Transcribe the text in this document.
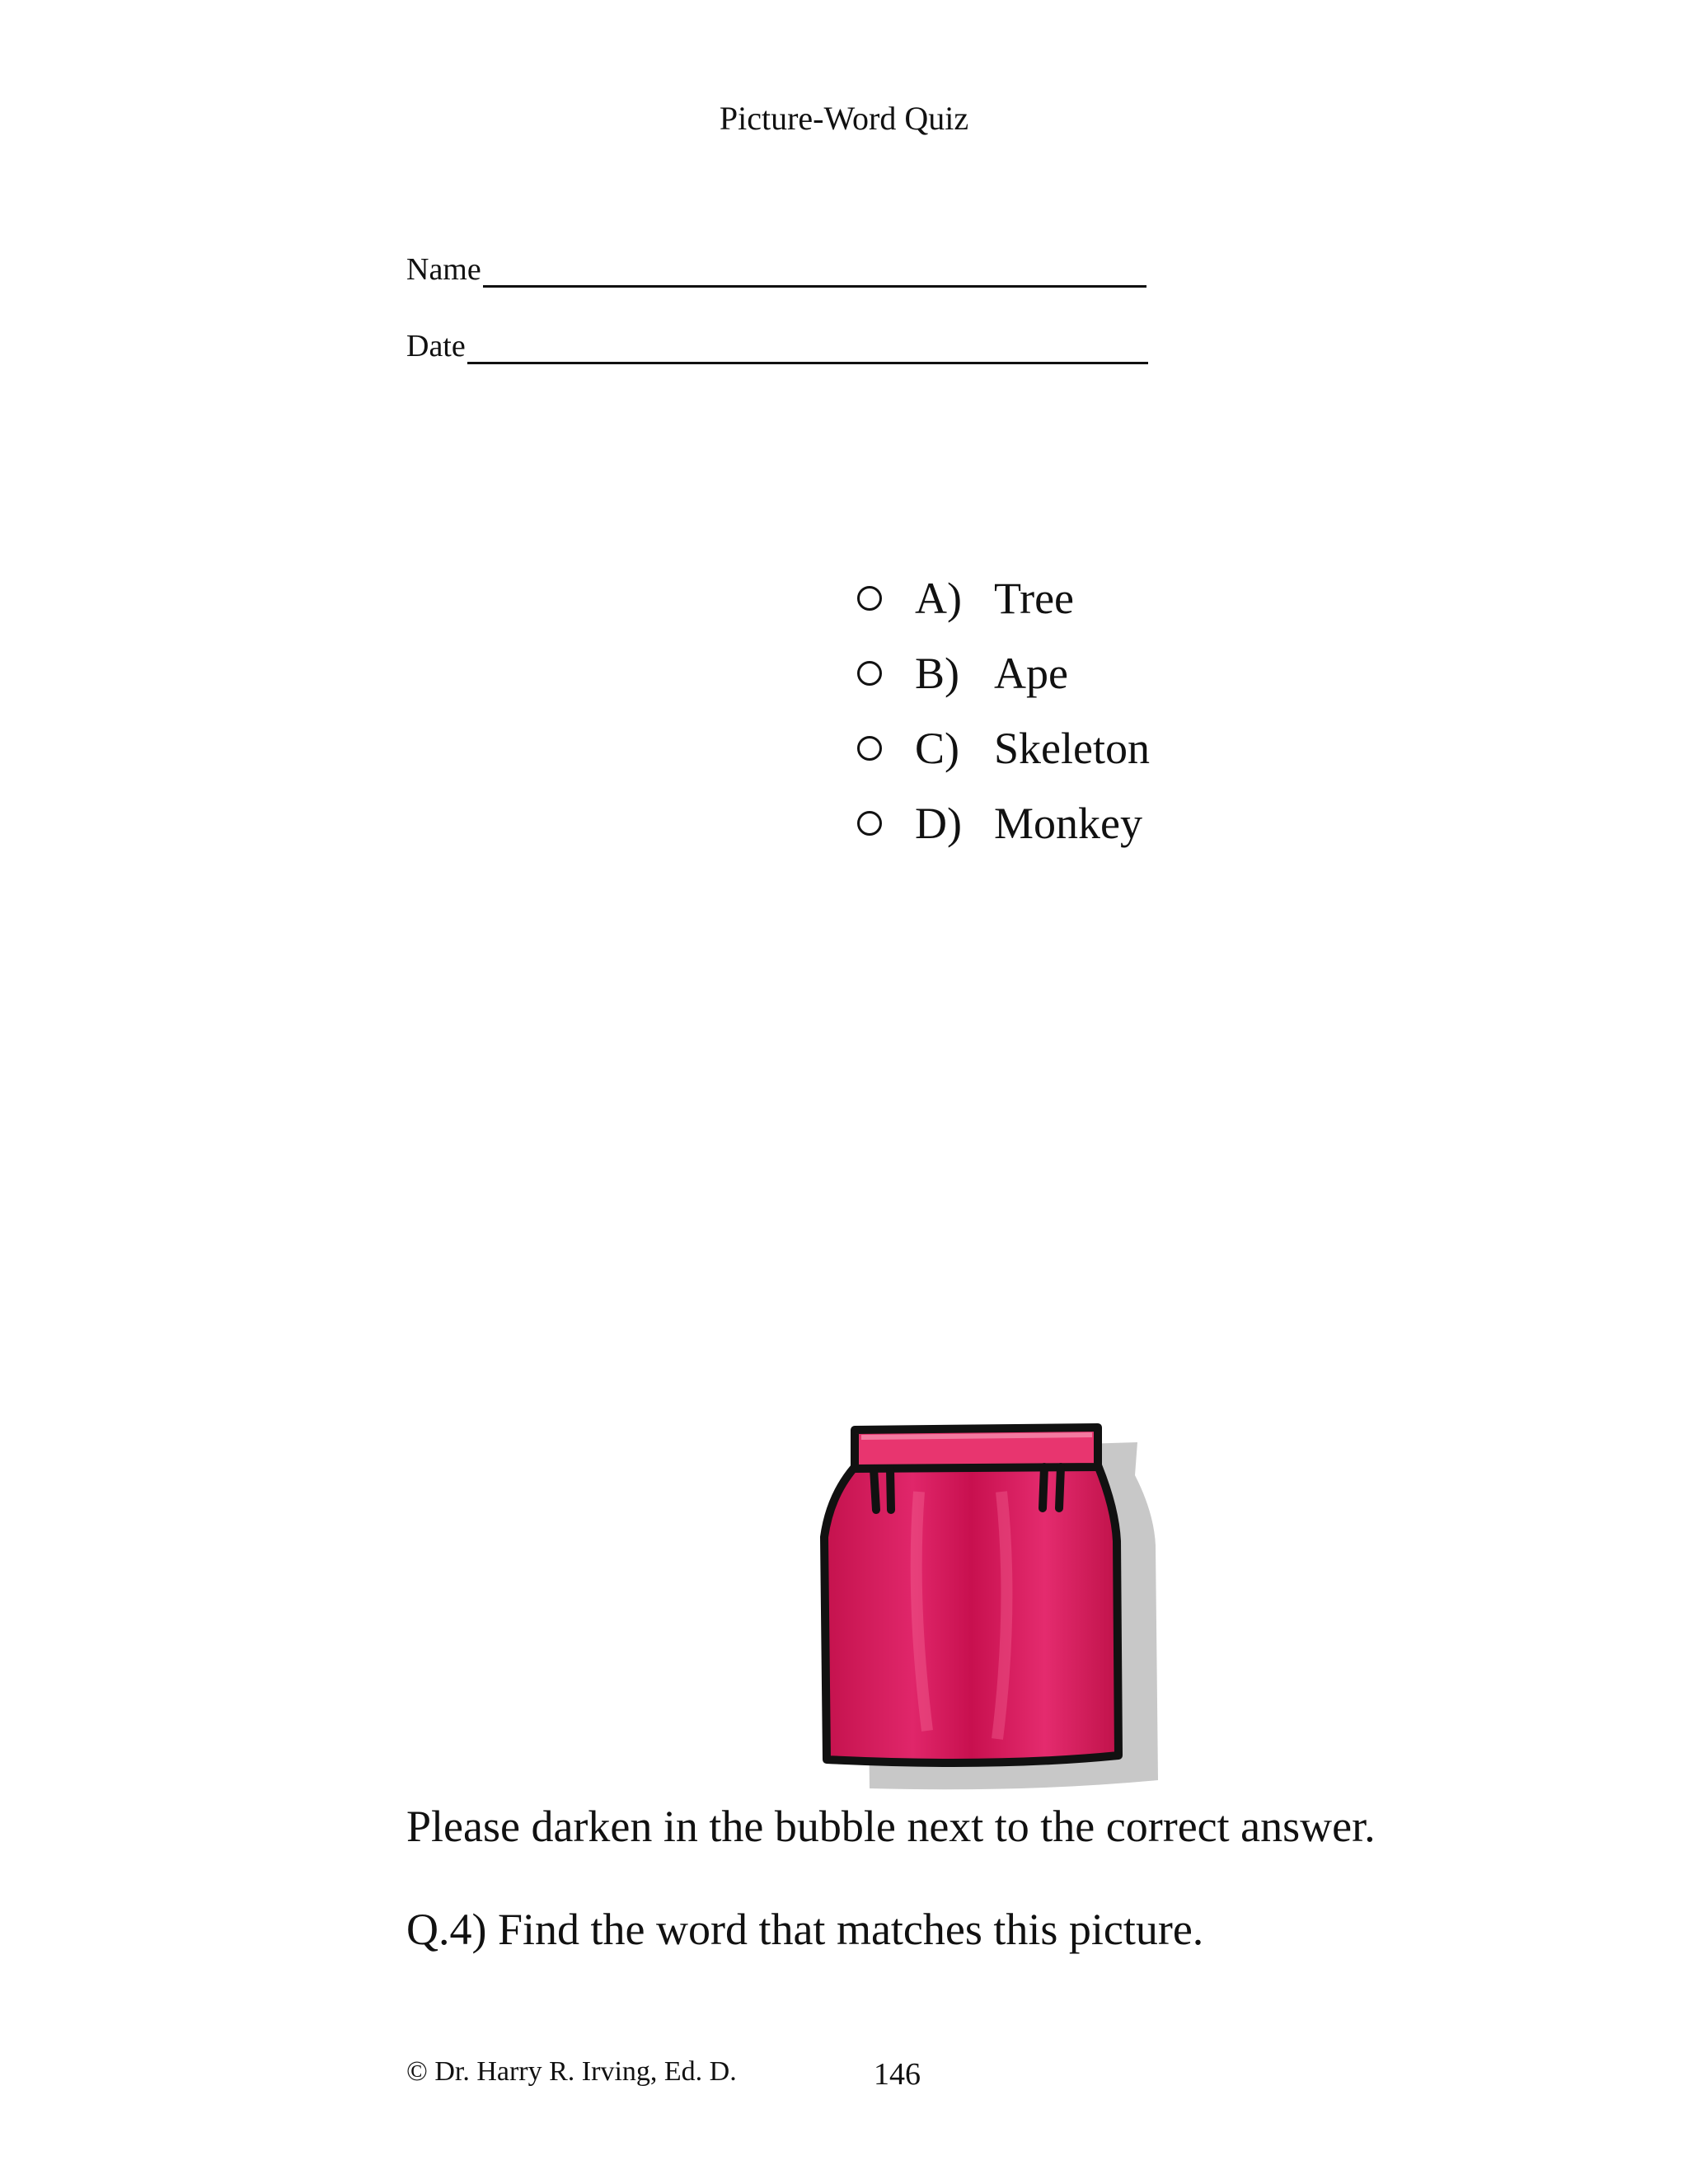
Picture-Word Quiz
Name
Date
A) Tree
B) Ape
C) Skeleton
D) Monkey
Please darken in the bubble next to the correct answer.
Q.4) Find the word that matches this picture.
© Dr. Harry R. Irving, Ed. D.	146
